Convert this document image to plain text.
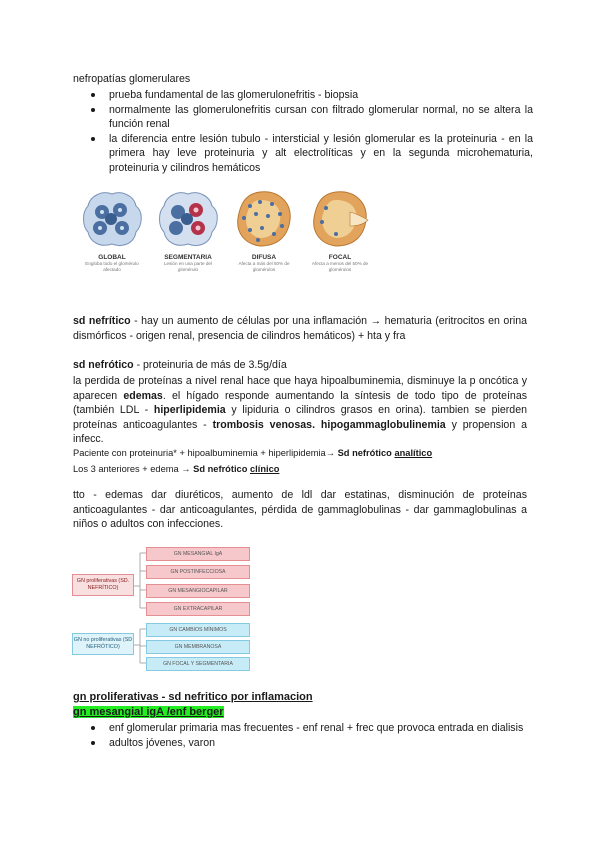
nefropatías glomerulares
prueba fundamental de las glomerulonefritis - biopsia
normalmente las glomerulonefritis cursan con filtrado glomerular normal, no se altera la función renal
la diferencia entre lesión tubulo - intersticial y lesión glomerular es la proteinuria - en la primera hay leve proteinuria y alt electrolíticas y en la segunda microhematuria, proteinuria y cilindros hemáticos
GLOBAL
Engloba todo el glomérulo afectado
SEGMENTARIA
Lesión en una parte del glomérulo
DIFUSA
Afecta a más del 50% de glomérulos
FOCAL
Afecta a menos del 50% de glomérulos
sd nefrítico - hay un aumento de células por una inflamación → hematuria (eritrocitos en orina dismórficos - origen renal, presencia de cilindros hemáticos) + hta y fra
sd nefrótico - proteinuria de más de 3.5g/día
la perdida de proteínas a nivel renal hace que haya hipoalbuminemia, disminuye la p oncótica y aparecen edemas. el hígado responde aumentando la síntesis de todo tipo de proteínas (también LDL - hiperlipidemia y lipiduria o cilindros grasos en orina). tambien se pierden proteínas anticoagulantes - trombosis venosas. hipogammaglobulinemia y propension a infecc.
Paciente con proteinuria* + hipoalbuminemia + hiperlipidemia→ Sd nefrótico analítico
Los 3 anteriores + edema → Sd nefrótico clínico
tto - edemas dar diuréticos, aumento de ldl dar estatinas, disminución de proteínas anticoagulantes - dar anticoagulantes, pérdida de gammaglobulinas - dar gammaglobulinas a niños o adultos con infecciones.
GN proliferativas (SD. NEFRÍTICO)
GN no proliferativas (SD NEFRÓTICO)
GN MESANGIAL IgA
GN POSTINFECCIOSA
GN MESANGIOCAPILAR
GN EXTRACAPILAR
GN CAMBIOS MÍNIMOS
GN MEMBRANOSA
GN FOCAL Y SEGMENTARIA
gn proliferativas - sd nefritico por inflamacion
gn mesangial igA /enf berger
enf glomerular primaria mas frecuentes - enf renal + frec que provoca entrada en dialisis
adultos jóvenes, varon
